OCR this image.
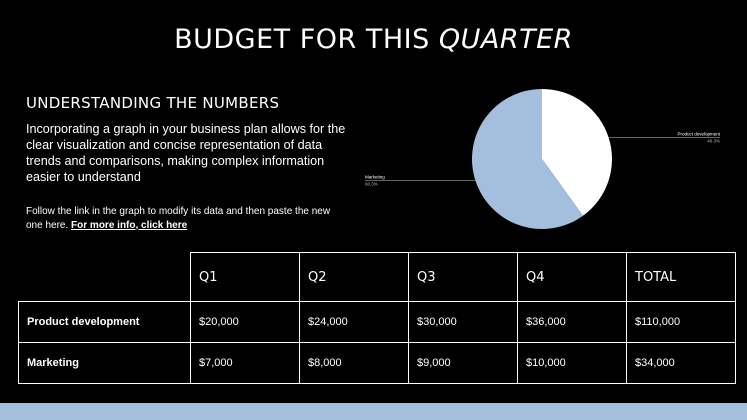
BUDGET FOR THIS QUARTER
UNDERSTANDING THE NUMBERS
Incorporating a graph in your business plan allows for the clear visualization and concise representation of data trends and comparisons, making complex information easier to understand
Follow the link in the graph to modify its data and then paste the new one here. For more info, click here
Product development
40.3%
Marketing
60.3%
	Q1	Q2	Q3	Q4	TOTAL
Product development	$20,000	$24,000	$30,000	$36,000	$110,000
Marketing	$7,000	$8,000	$9,000	$10,000	$34,000
